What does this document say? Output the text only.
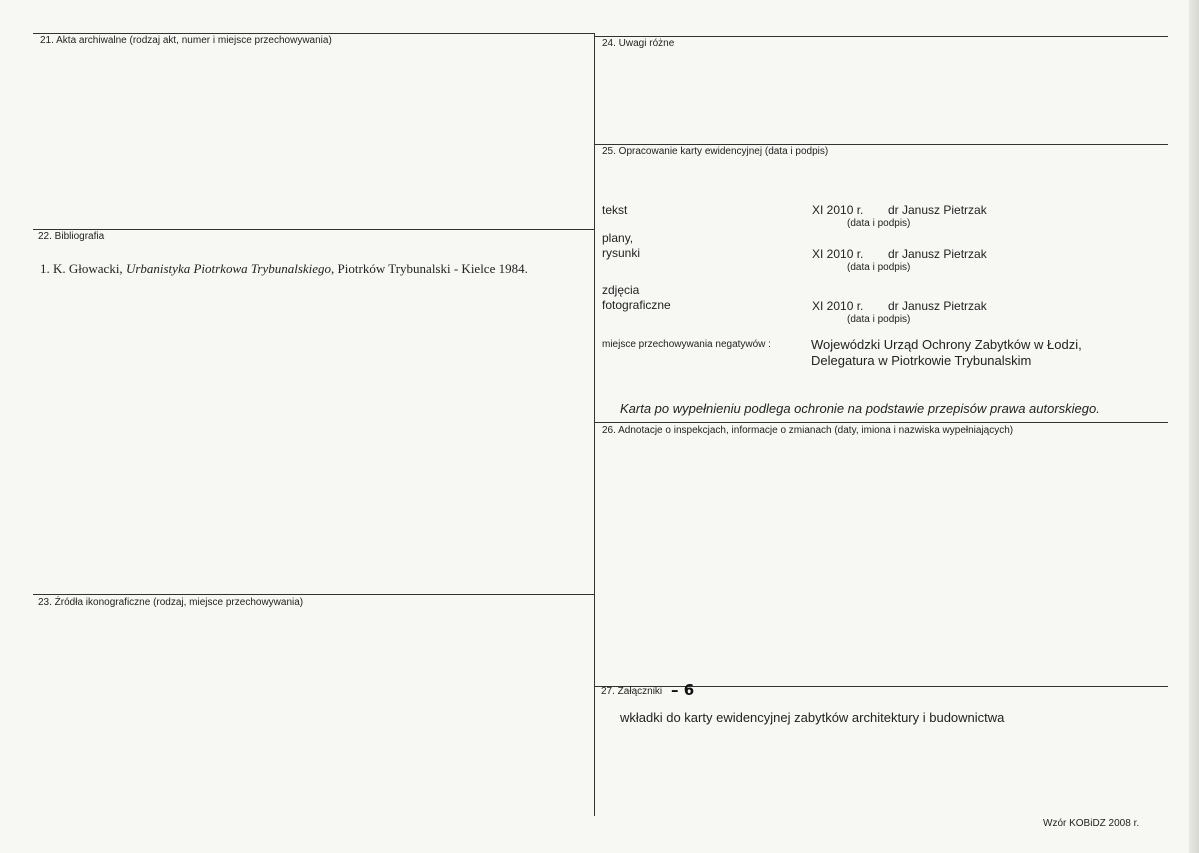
21. Akta archiwalne (rodzaj akt, numer i miejsce przechowywania)
22. Bibliografia
23. Źródła ikonograficzne (rodzaj, miejsce przechowywania)
24. Uwagi różne
25. Opracowanie karty ewidencyjnej (data i podpis)
26. Adnotacje o inspekcjach, informacje o zmianach (daty, imiona i nazwiska wypełniających)
27. Załączniki – 6
1. K. Głowacki, Urbanistyka Piotrkowa Trybunalskiego, Piotrków Trybunalski - Kielce 1984.
tekst	XI 2010 r. dr Janusz Pietrzak
(data i podpis)
plany,
rysunki	XI 2010 r. dr Janusz Pietrzak
(data i podpis)
zdjęcia
fotograficzne	XI 2010 r. dr Janusz Pietrzak
(data i podpis)
miejsce przechowywania negatywów :	Wojewódzki Urząd Ochrony Zabytków w Łodzi,
Delegatura w Piotrkowie Trybunalskim
Karta po wypełnieniu podlega ochronie na podstawie przepisów prawa autorskiego.
wkładki do karty ewidencyjnej zabytków architektury i budownictwa
Wzór KOBiDZ 2008 r.
